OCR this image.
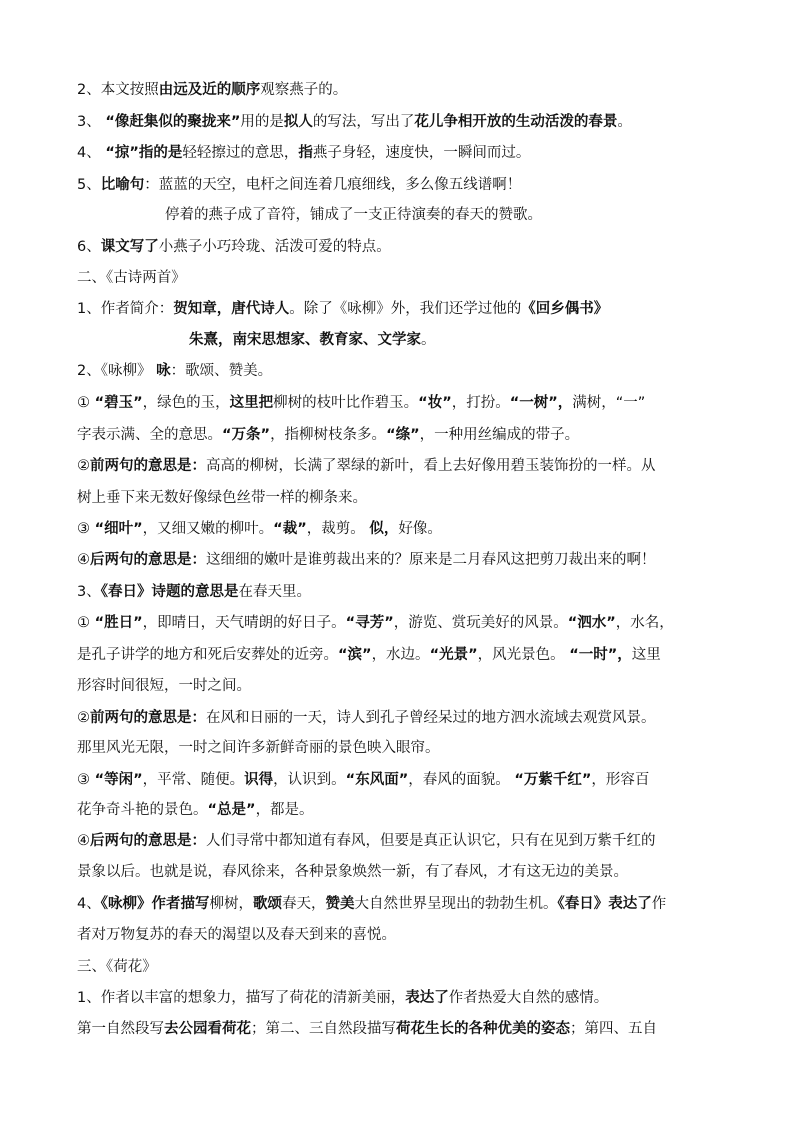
2、本文按照由远及近的顺序观察燕子的。
3、 “像赶集似的聚拢来”用的是拟人的写法，写出了花儿争相开放的生动活泼的春景。
4、 “掠”指的是轻轻擦过的意思，指燕子身轻，速度快，一瞬间而过。
5、比喻句：蓝蓝的天空，电杆之间连着几痕细线，多么像五线谱啊！
停着的燕子成了音符，铺成了一支正待演奏的春天的赞歌。
6、课文写了小燕子小巧玲珑、活泼可爱的特点。
二、《古诗两首》
1、作者简介：贺知章，唐代诗人。除了《咏柳》外，我们还学过他的《回乡偶书》
朱熹，南宋思想家、教育家、文学家。
2、《咏柳》 咏：歌颂、赞美。
① “碧玉”，绿色的玉，这里把柳树的枝叶比作碧玉。“妆”，打扮。“一树”，满树，“一”
字表示满、全的意思。“万条”，指柳树枝条多。“绦”，一种用丝编成的带子。
②前两句的意思是：高高的柳树，长满了翠绿的新叶，看上去好像用碧玉装饰扮的一样。从
树上垂下来无数好像绿色丝带一样的柳条来。
③ “细叶”，又细又嫩的柳叶。“裁”，裁剪。 似，好像。
④后两句的意思是：这细细的嫩叶是谁剪裁出来的？原来是二月春风这把剪刀裁出来的啊！
3、《春日》诗题的意思是在春天里。
① “胜日”，即晴日，天气晴朗的好日子。“寻芳”，游览、赏玩美好的风景。“泗水”，水名，
是孔子讲学的地方和死后安葬处的近旁。“滨”，水边。“光景”，风光景色。 “一时”，这里
形容时间很短，一时之间。
②前两句的意思是：在风和日丽的一天，诗人到孔子曾经呆过的地方泗水流域去观赏风景。
那里风光无限，一时之间许多新鲜奇丽的景色映入眼帘。
③ “等闲”，平常、随便。识得，认识到。“东风面”，春风的面貌。 “万紫千红”，形容百
花争奇斗艳的景色。“总是”，都是。
④后两句的意思是：人们寻常中都知道有春风，但要是真正认识它，只有在见到万紫千红的
景象以后。也就是说，春风徐来，各种景象焕然一新，有了春风，才有这无边的美景。
4、《咏柳》作者描写柳树，歌颂春天，赞美大自然世界呈现出的勃勃生机。《春日》表达了作
者对万物复苏的春天的渴望以及春天到来的喜悦。
三、《荷花》
1、作者以丰富的想象力，描写了荷花的清新美丽，表达了作者热爱大自然的感情。
第一自然段写去公园看荷花；第二、三自然段描写荷花生长的各种优美的姿态；第四、五自
